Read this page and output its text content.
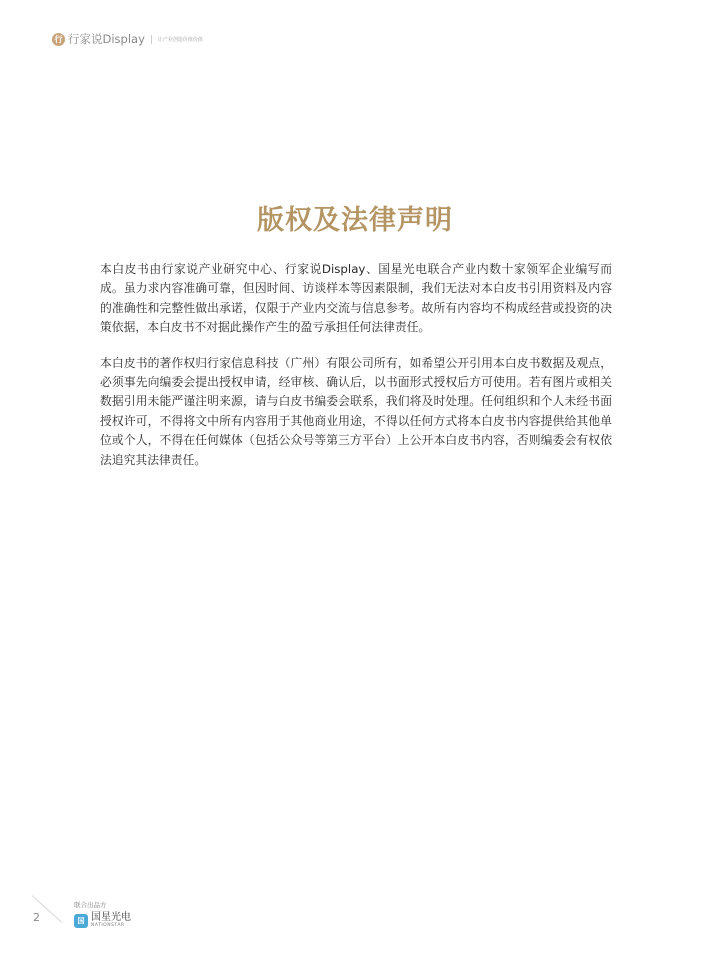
行 行家说Display	让产业创造价值价值
版权及法律声明

本白皮书由行家说产业研究中心、行家说Display、国星光电联合产业内数十家领军企业编写而成。虽力求内容准确可靠，但因时间、访谈样本等因素限制，我们无法对本白皮书引用资料及内容的准确性和完整性做出承诺，仅限于产业内交流与信息参考。故所有内容均不构成经营或投资的决策依据，本白皮书不对据此操作产生的盈亏承担任何法律责任。

本白皮书的著作权归行家信息科技（广州）有限公司所有，如希望公开引用本白皮书数据及观点，必须事先向编委会提出授权申请，经审核、确认后，以书面形式授权后方可使用。若有图片或相关数据引用未能严谨注明来源，请与白皮书编委会联系，我们将及时处理。任何组织和个人未经书面授权许可，不得将文中所有内容用于其他商业用途，不得以任何方式将本白皮书内容提供给其他单位或个人，不得在任何媒体（包括公众号等第三方平台）上公开本白皮书内容，否则编委会有权依法追究其法律责任。

2
联合出品方
国 国星光电
NATIONSTAR
